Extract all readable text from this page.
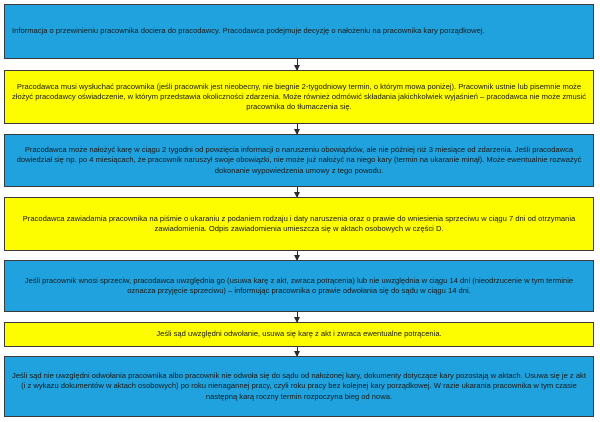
Informacja o przewinieniu pracownika dociera do pracodawcy. Pracodawca podejmuje decyzję o nałożeniu na pracownika kary porządkowej.

Pracodawca musi wysłuchać pracownika (jeśli pracownik jest nieobecny, nie biegnie 2-tygodniowy termin, o którym mowa poniżej). Pracownik ustnie lub pisemnie może złożyć pracodawcy oświadczenie, w którym przedstawia okoliczności zdarzenia. Może również odmówić składania jakichkolwiek wyjaśnień – pracodawca nie może zmusić pracownika do tłumaczenia się.

Pracodawca może nałożyć karę w ciągu 2 tygodni od powzięcia informacji o naruszeniu obowiązków, ale nie później niż 3 miesiące od zdarzenia. Jeśli pracodawca dowiedział się np. po 4 miesiącach, że pracownik naruszył swoje obowiązki, nie może już nałożyć na niego kary (termin na ukaranie minął). Może ewentualnie rozważyć dokonanie wypowiedzenia umowy z tego powodu.

Pracodawca zawiadamia pracownika na piśmie o ukaraniu z podaniem rodzaju i daty naruszenia oraz o prawie do wniesienia sprzeciwu w ciągu 7 dni od otrzymania zawiadomienia. Odpis zawiadomienia umieszcza się w aktach osobowych w części D.

Jeśli pracownik wnosi sprzeciw, pracodawca uwzględnia go (usuwa karę z akt, zwraca potrącenia) lub nie uwzględnia w ciągu 14 dni (nieodrzucenie w tym terminie oznacza przyjęcie sprzeciwu) – informując pracownika o prawie odwołania się do sądu w ciągu 14 dni.

Jeśli sąd uwzględni odwołanie, usuwa się karę z akt i zwraca ewentualne potrącenia.

Jeśli sąd nie uwzględni odwołania pracownika albo pracownik nie odwoła się do sądu od nałożonej kary, dokumenty dotyczące kary pozostają w aktach. Usuwa się je z akt (i z wykazu dokumentów w aktach osobowych) po roku nienagannej pracy, czyli roku pracy bez kolejnej kary porządkowej. W razie ukarania pracownika w tym czasie następną karą roczny termin rozpoczyna bieg od nowa.
